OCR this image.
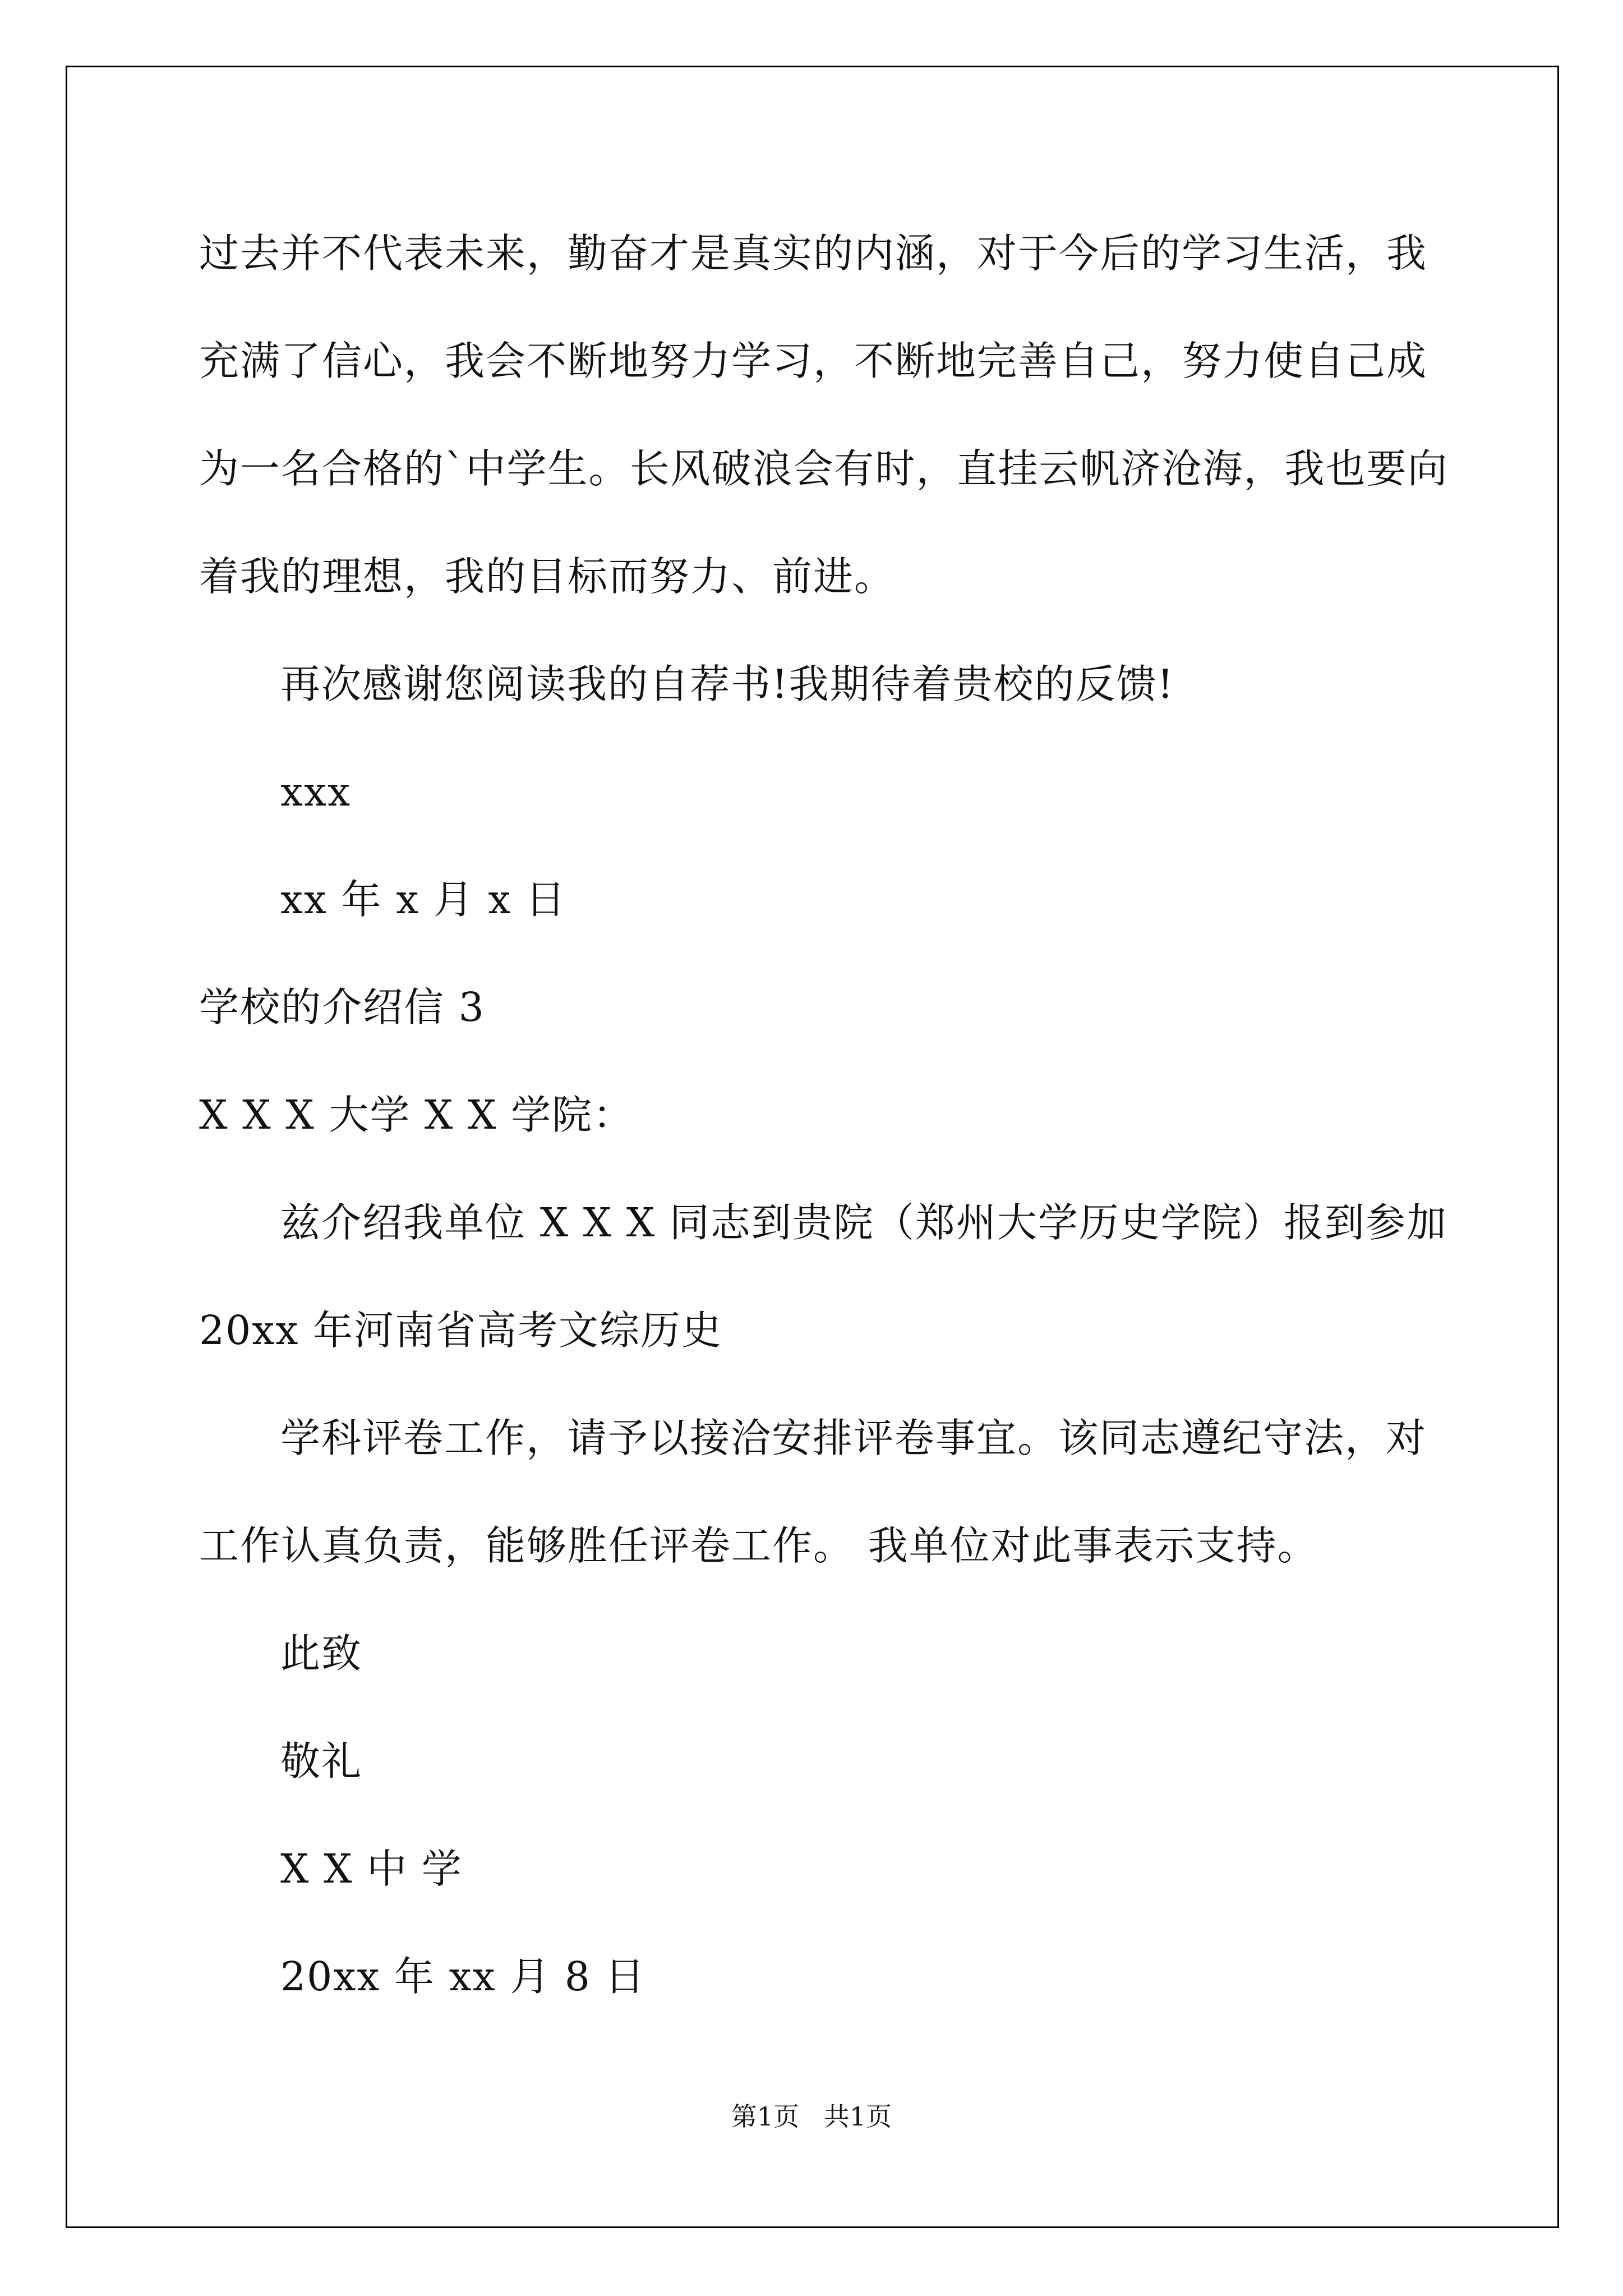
过去并不代表未来，勤奋才是真实的内涵，对于今后的学习生活，我
充满了信心，我会不断地努力学习，不断地完善自己，努力使自己成
为一名合格的`中学生。长风破浪会有时，直挂云帆济沧海，我也要向
着我的理想，我的目标而努力、前进。
再次感谢您阅读我的自荐书!我期待着贵校的反馈!
xxx
xx 年 x 月 x 日
学校的介绍信 3
X X X 大学 X X 学院：
兹介绍我单位 X X X 同志到贵院（郑州大学历史学院）报到参加
20xx 年河南省高考文综历史
学科评卷工作，请予以接洽安排评卷事宜。该同志遵纪守法，对
工作认真负责，能够胜任评卷工作。 我单位对此事表示支持。
此致
敬礼
X X 中 学
20xx 年 xx 月 8 日
第1页   共1页
